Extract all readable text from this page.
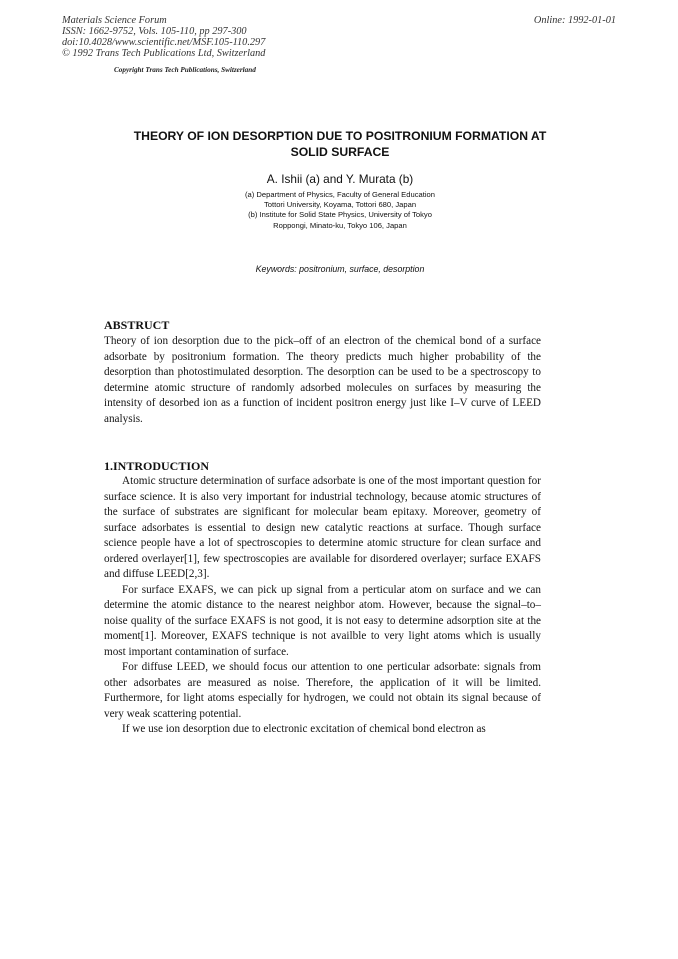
Materials Science Forum
ISSN: 1662-9752, Vols. 105-110, pp 297-300
doi:10.4028/www.scientific.net/MSF.105-110.297
© 1992 Trans Tech Publications Ltd, Switzerland
Online: 1992-01-01
Copyright Trans Tech Publications, Switzerland
THEORY OF ION DESORPTION DUE TO POSITRONIUM FORMATION AT
SOLID SURFACE
A. Ishii (a) and Y. Murata (b)
(a) Department of Physics, Faculty of General Education
Tottori University, Koyama, Tottori 680, Japan
(b) Institute for Solid State Physics, University of Tokyo
Roppongi, Minato-ku, Tokyo 106, Japan
Keywords: positronium, surface, desorption
ABSTRUCT

Theory of ion desorption due to the pick–off of an electron of the chemical bond of a surface adsorbate by positronium formation. The theory predicts much higher probability of the desorption than photostimulated desorption. The desorption can be used to be a spectroscopy to determine atomic structure of randomly adsorbed molecules on surfaces by measuring the intensity of desorbed ion as a function of incident positron energy just like I–V curve of LEED analysis.

1.INTRODUCTION

Atomic structure determination of surface adsorbate is one of the most important question for surface science. It is also very important for industrial technology, because atomic structures of the surface of substrates are significant for molecular beam epitaxy. Moreover, geometry of surface adsorbates is essential to design new catalytic reactions at surface. Though surface science people have a lot of spectroscopies to determine atomic structure for clean surface and ordered overlayer[1], few spectroscopies are available for disordered overlayer; surface EXAFS and diffuse LEED[2,3].

For surface EXAFS, we can pick up signal from a perticular atom on surface and we can determine the atomic distance to the nearest neighbor atom. However, because the signal–to–noise quality of the surface EXAFS is not good, it is not easy to determine adsorption site at the moment[1]. Moreover, EXAFS technique is not availble to very light atoms which is usually most important contamination of surface.

For diffuse LEED, we should focus our attention to one perticular adsorbate: signals from other adsorbates are measured as noise. Therefore, the application of it will be limited. Furthermore, for light atoms especially for hydrogen, we could not obtain its signal because of very weak scattering potential.

If we use ion desorption due to electronic excitation of chemical bond electron as
